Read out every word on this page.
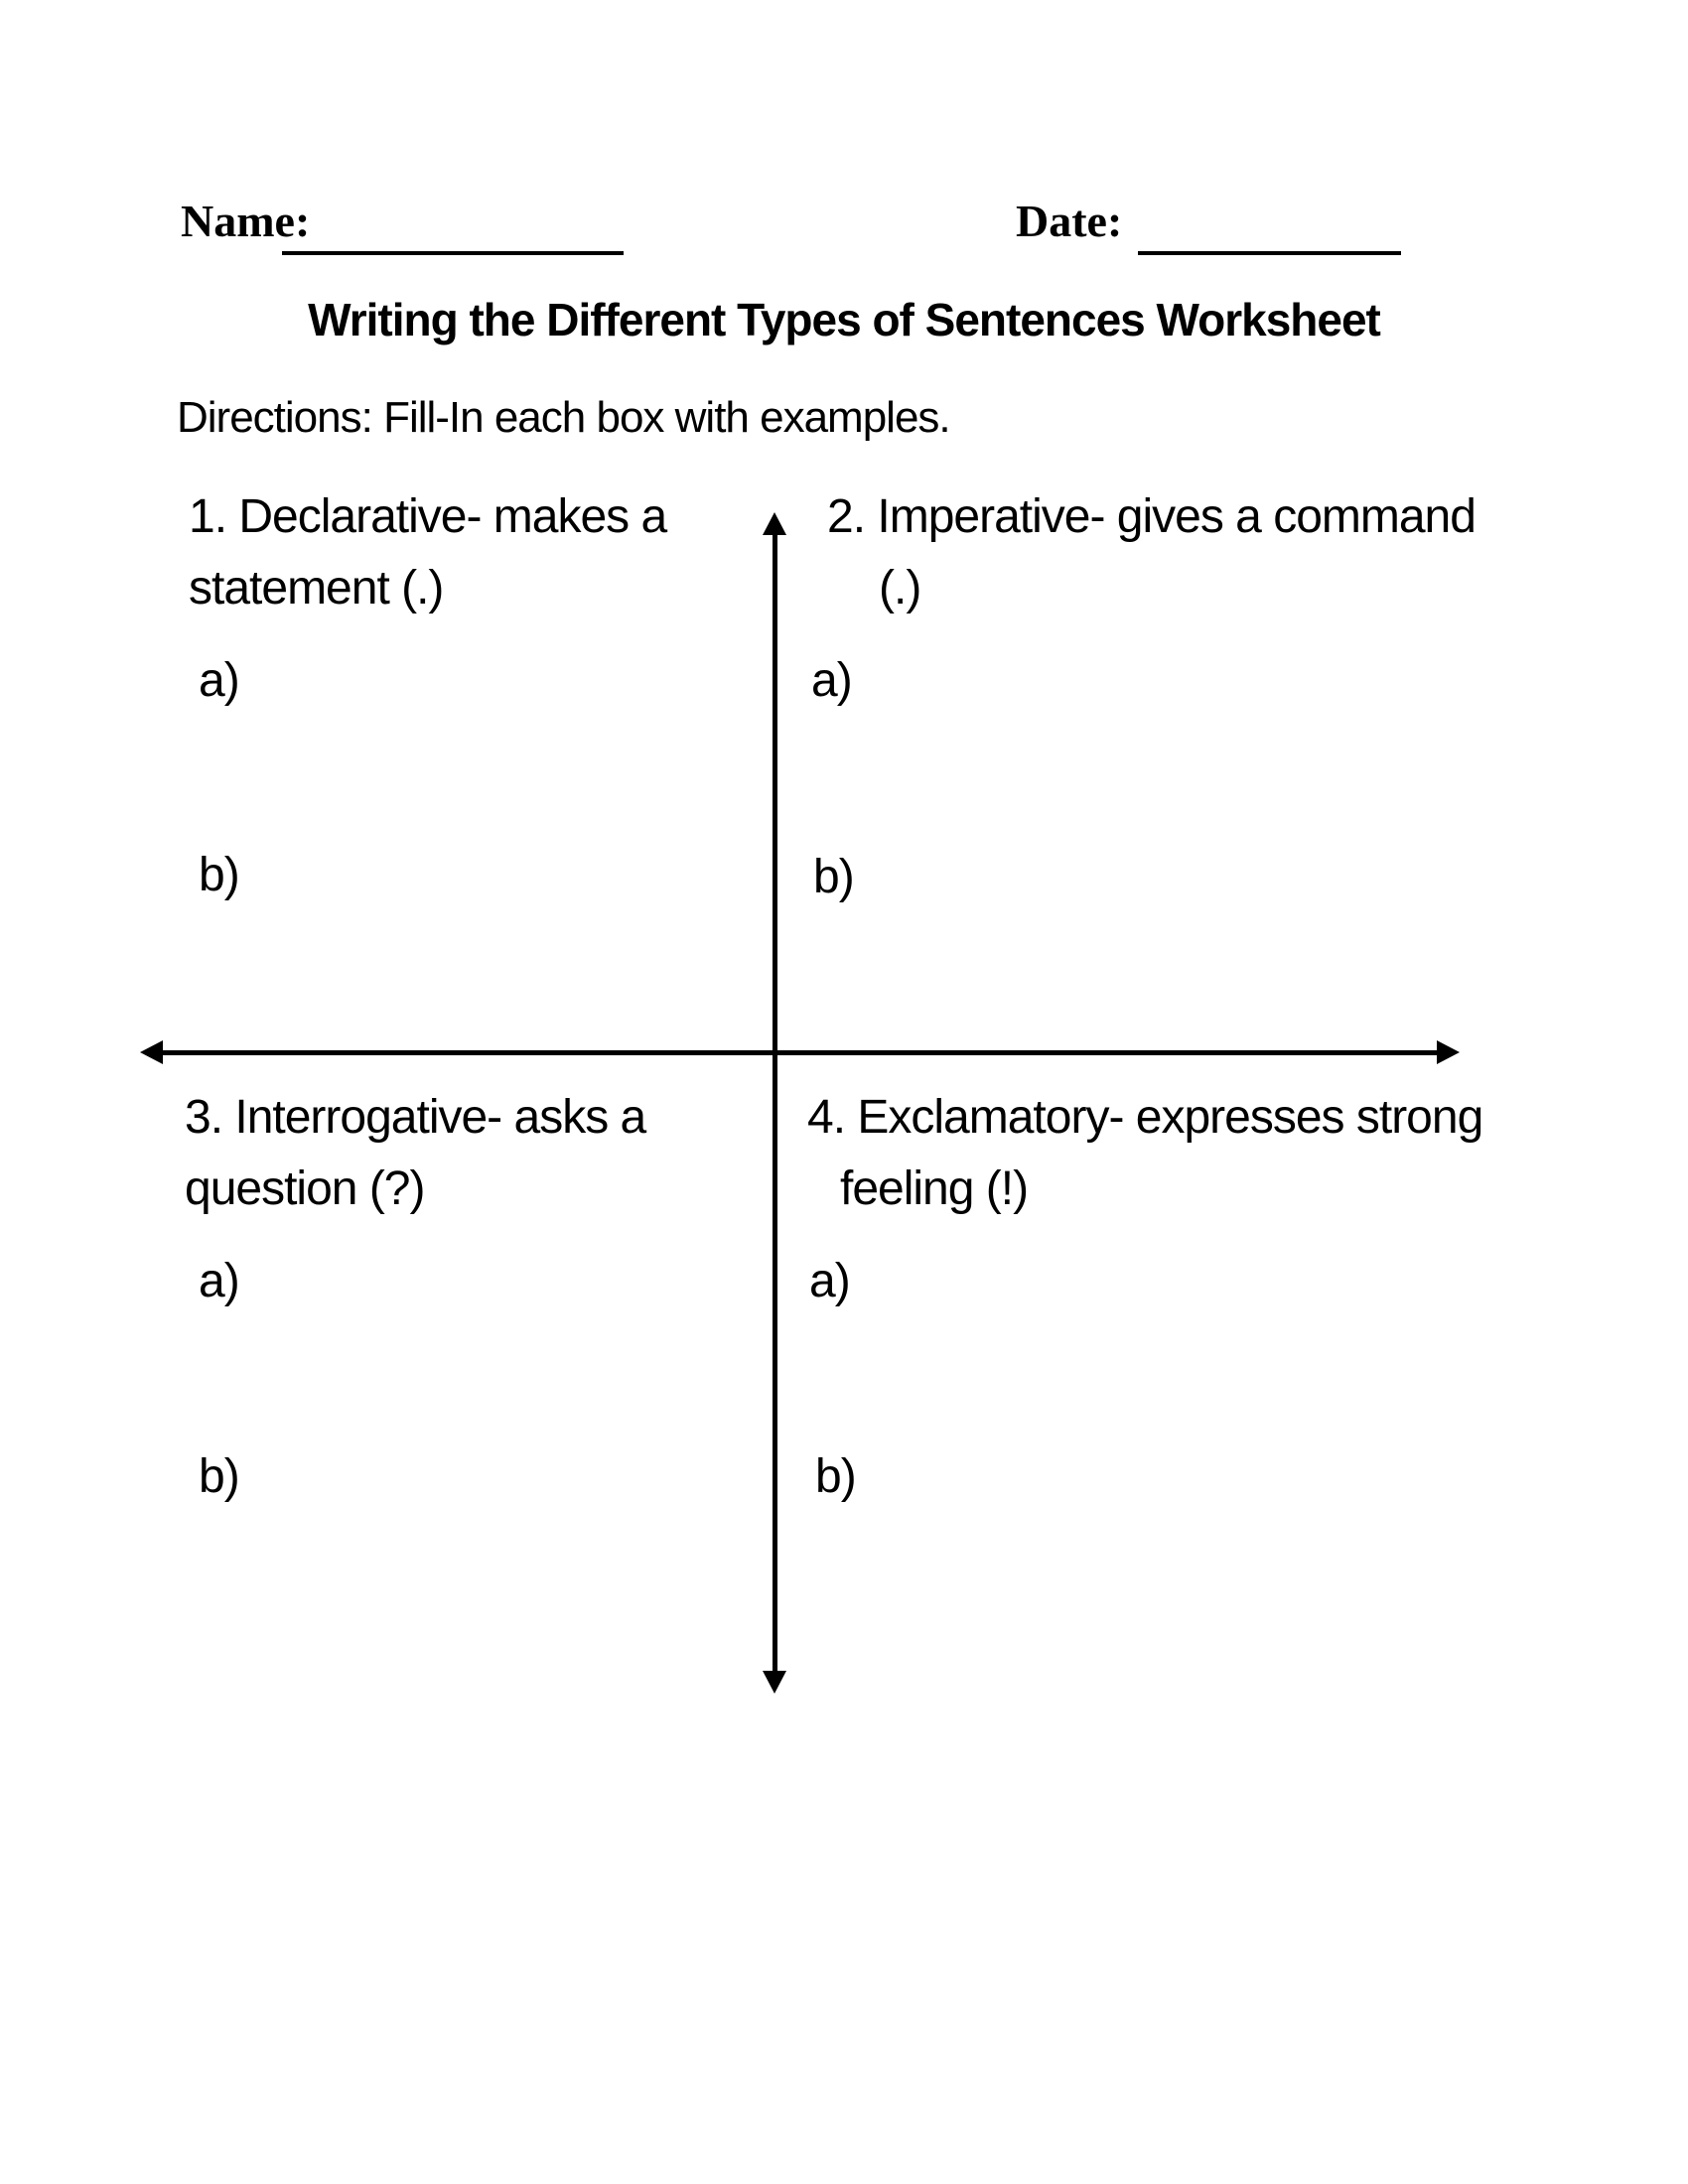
Name:	Date:
Writing the Different Types of Sentences Worksheet
Directions: Fill-In each box with examples.
1. Declarative- makes a
statement (.)
a)
b)
2. Imperative- gives a command
(.)
a)
b)
3. Interrogative- asks a
question (?)
a)
b)
4. Exclamatory- expresses strong
feeling (!)
a)
b)
